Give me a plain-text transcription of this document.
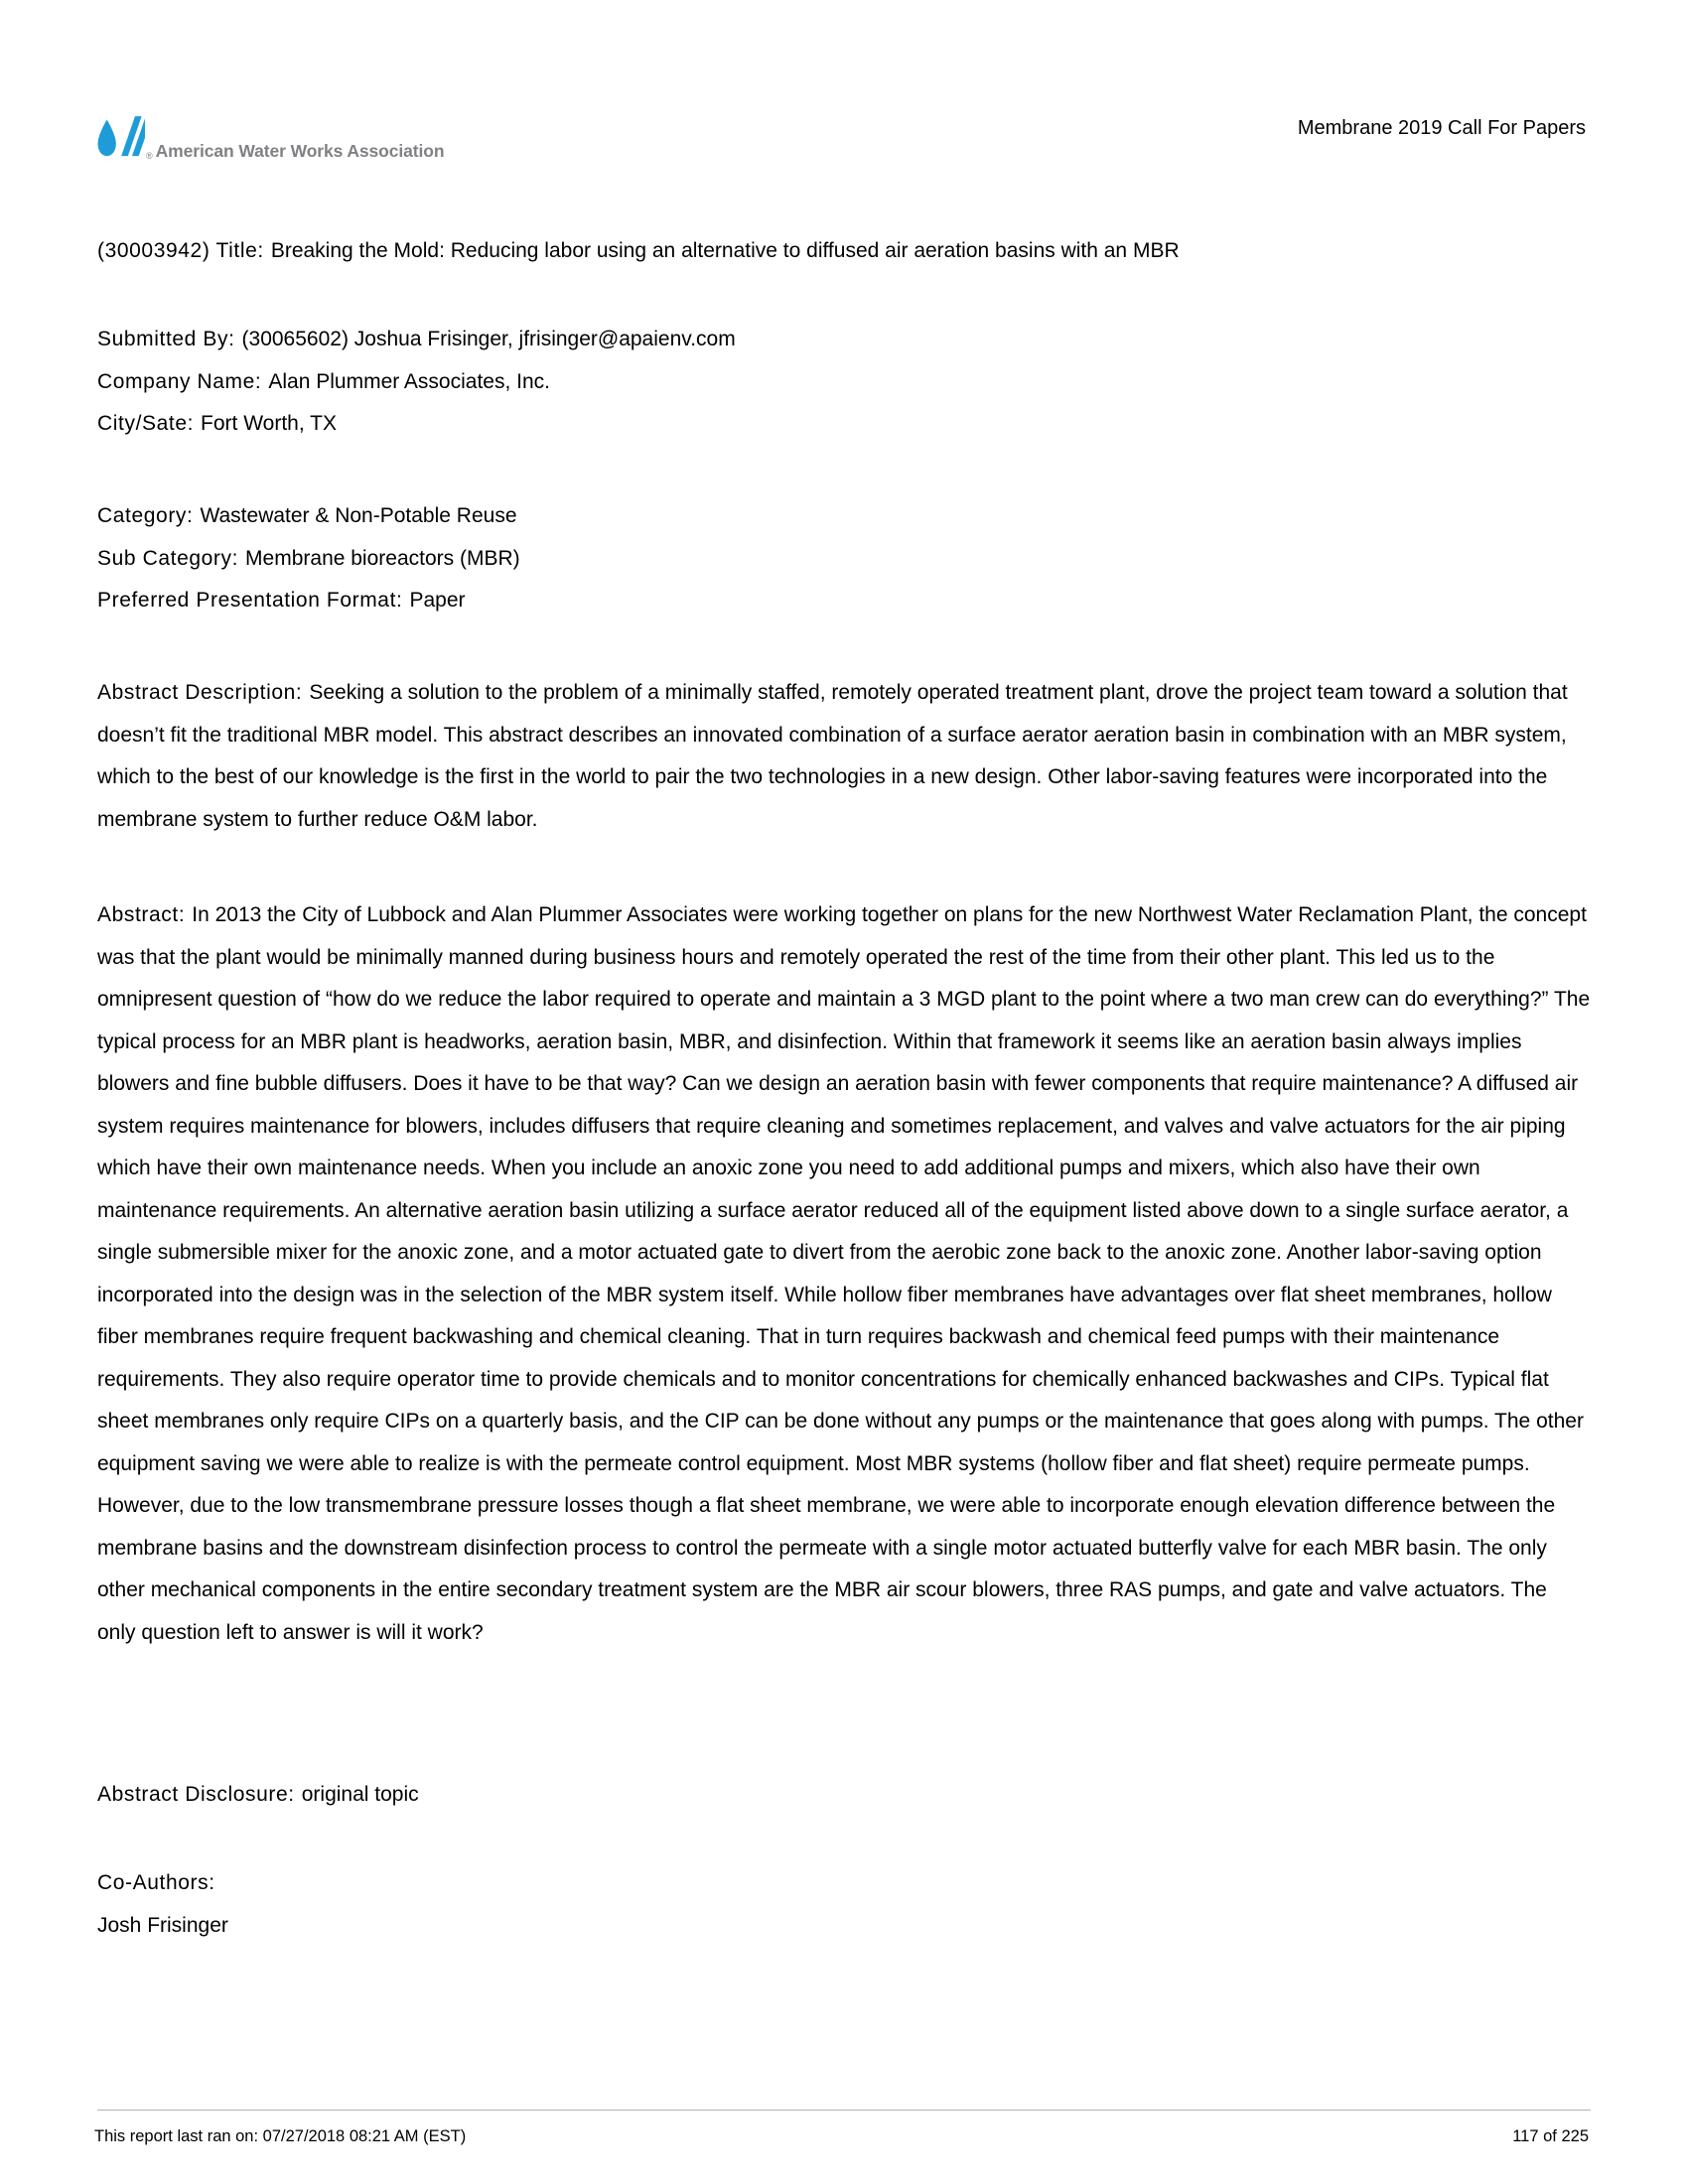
® American Water Works Association
Membrane 2019 Call For Papers
(30003942) Title: Breaking the Mold: Reducing labor using an alternative to diffused air aeration basins with an MBR
Submitted By: (30065602) Joshua Frisinger, jfrisinger@apaienv.com
Company Name: Alan Plummer Associates, Inc.
City/Sate: Fort Worth, TX
Category: Wastewater & Non-Potable Reuse
Sub Category: Membrane bioreactors (MBR)
Preferred Presentation Format: Paper

Abstract Description: Seeking a solution to the problem of a minimally staffed, remotely operated treatment plant, drove the project team toward a solution that doesn’t fit the traditional MBR model. This abstract describes an innovated combination of a surface aerator aeration basin in combination with an MBR system, which to the best of our knowledge is the first in the world to pair the two technologies in a new design. Other labor-saving features were incorporated into the membrane system to further reduce O&M labor.

Abstract: In 2013 the City of Lubbock and Alan Plummer Associates were working together on plans for the new Northwest Water Reclamation Plant, the concept was that the plant would be minimally manned during business hours and remotely operated the rest of the time from their other plant. This led us to the omnipresent question of “how do we reduce the labor required to operate and maintain a 3 MGD plant to the point where a two man crew can do everything?” The typical process for an MBR plant is headworks, aeration basin, MBR, and disinfection. Within that framework it seems like an aeration basin always implies blowers and fine bubble diffusers. Does it have to be that way? Can we design an aeration basin with fewer components that require maintenance? A diffused air system requires maintenance for blowers, includes diffusers that require cleaning and sometimes replacement, and valves and valve actuators for the air piping which have their own maintenance needs. When you include an anoxic zone you need to add additional pumps and mixers, which also have their own maintenance requirements. An alternative aeration basin utilizing a surface aerator reduced all of the equipment listed above down to a single surface aerator, a single submersible mixer for the anoxic zone, and a motor actuated gate to divert from the aerobic zone back to the anoxic zone. Another labor-saving option incorporated into the design was in the selection of the MBR system itself. While hollow fiber membranes have advantages over flat sheet membranes, hollow fiber membranes require frequent backwashing and chemical cleaning. That in turn requires backwash and chemical feed pumps with their maintenance requirements. They also require operator time to provide chemicals and to monitor concentrations for chemically enhanced backwashes and CIPs. Typical flat sheet membranes only require CIPs on a quarterly basis, and the CIP can be done without any pumps or the maintenance that goes along with pumps. The other equipment saving we were able to realize is with the permeate control equipment. Most MBR systems (hollow fiber and flat sheet) require permeate pumps. However, due to the low transmembrane pressure losses though a flat sheet membrane, we were able to incorporate enough elevation difference between the membrane basins and the downstream disinfection process to control the permeate with a single motor actuated butterfly valve for each MBR basin. The only other mechanical components in the entire secondary treatment system are the MBR air scour blowers, three RAS pumps, and gate and valve actuators. The only question left to answer is will it work?

Abstract Disclosure: original topic
Co-Authors:
Josh Frisinger
This report last ran on: 07/27/2018 08:21 AM (EST)	117 of 225
